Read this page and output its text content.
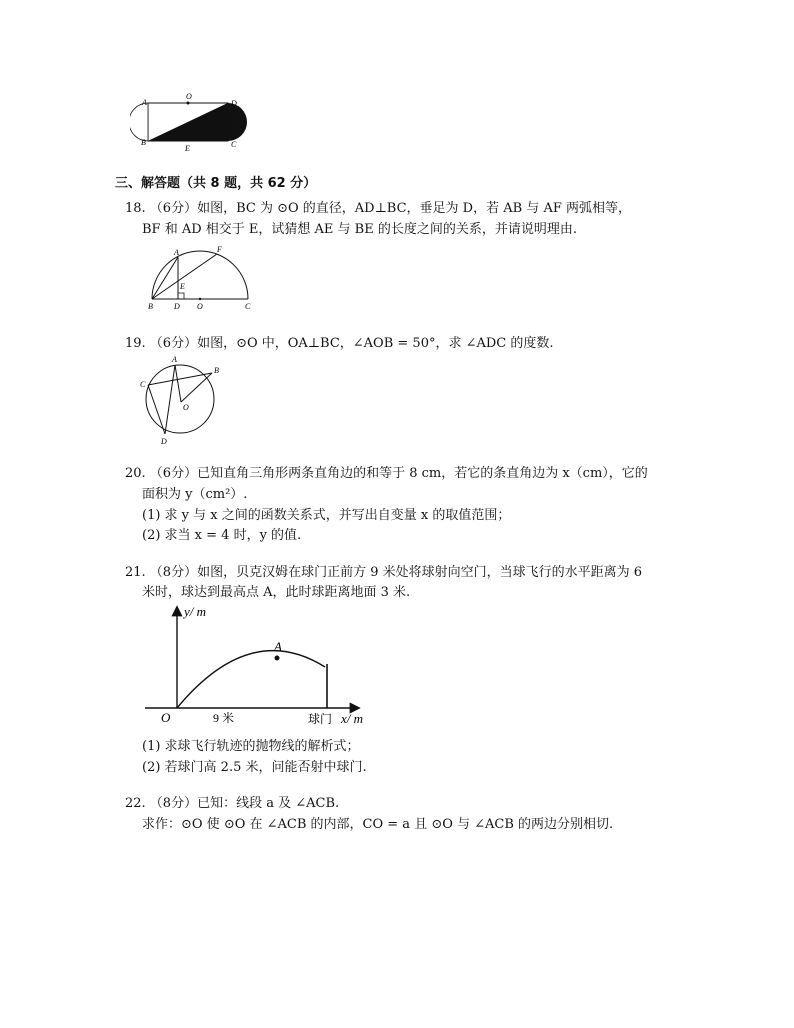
A
O
D
B
E	C
三、解答题（共 8 题，共 62 分）
18. （6分）如图，BC 为 ⊙O 的直径，AD⊥BC，垂足为 D，若 AB 与 AF 两弧相等，
BF 和 AD 相交于 E，试猜想 AE 与 BE 的长度之间的关系，并请说明理由.
A	F
E
B	D O	C
19. （6分）如图，⊙O 中，OA⊥BC，∠AOB = 50°，求 ∠ADC 的度数.
A
B
C
O
D
20. （6分）已知直角三角形两条直角边的和等于 8 cm，若它的条直角边为 x（cm），它的
面积为 y（cm²）.
(1) 求 y 与 x 之间的函数关系式，并写出自变量 x 的取值范围；
(2) 求当 x = 4 时，y 的值.
21. （8分）如图，贝克汉姆在球门正前方 9 米处将球射向空门，当球飞行的水平距离为 6
米时，球达到最高点 A，此时球距离地面 3 米.
y/ m
A
O	9 米	球门 x/ m
(1) 求球飞行轨迹的抛物线的解析式；
(2) 若球门高 2.5 米，问能否射中球门.
22. （8分）已知：线段 a 及 ∠ACB.
求作：⊙O 使 ⊙O 在 ∠ACB 的内部，CO = a 且 ⊙O 与 ∠ACB 的两边分别相切.
